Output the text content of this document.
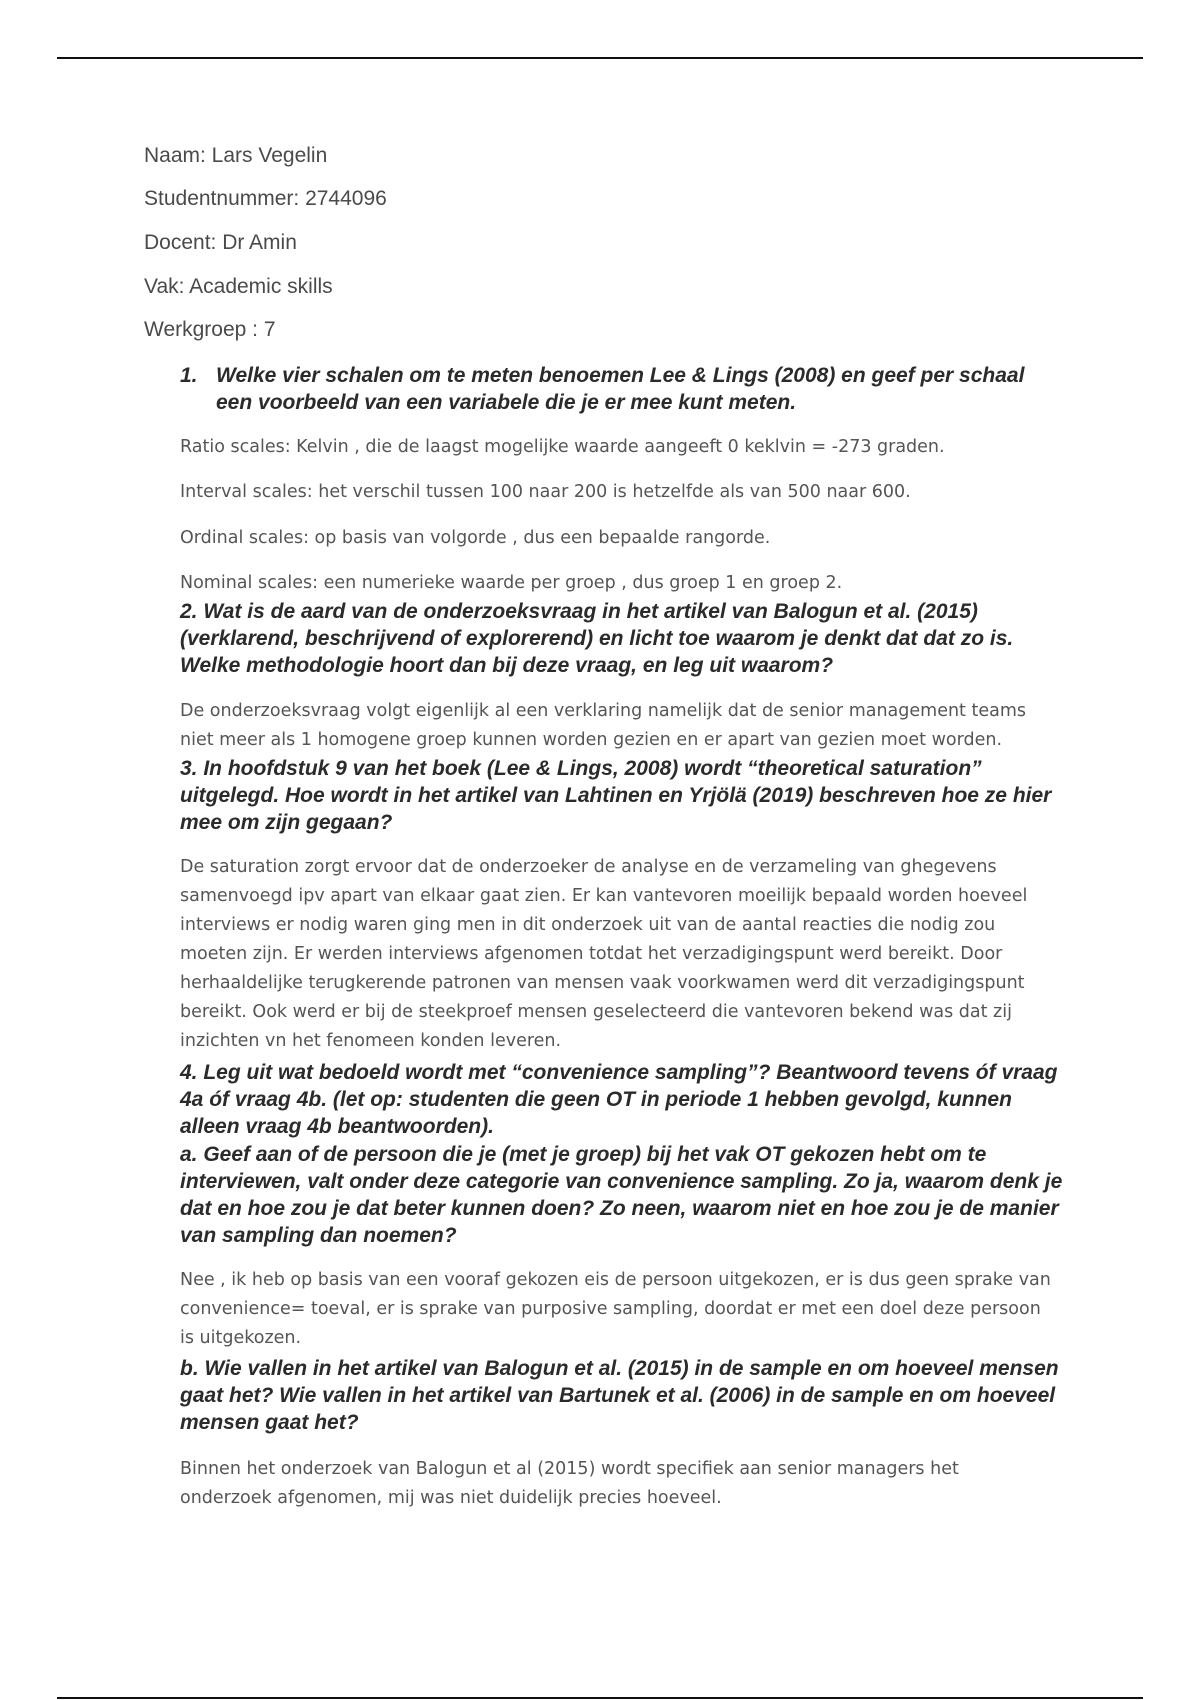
Naam: Lars Vegelin

Studentnummer: 2744096

Docent: Dr Amin

Vak: Academic skills

Werkgroep : 7

1. Welke vier schalen om te meten benoemen Lee & Lings (2008) en geef per schaal een voorbeeld van een variabele die je er mee kunt meten.

Ratio scales: Kelvin , die de laagst mogelijke waarde aangeeft 0 keklvin = -273 graden.

Interval scales: het verschil tussen 100 naar 200 is hetzelfde als van 500 naar 600.

Ordinal scales: op basis van volgorde , dus een bepaalde rangorde.

Nominal scales: een numerieke waarde per groep , dus groep 1 en groep 2.

2. Wat is de aard van de onderzoeksvraag in het artikel van Balogun et al. (2015) (verklarend, beschrijvend of explorerend) en licht toe waarom je denkt dat dat zo is. Welke methodologie hoort dan bij deze vraag, en leg uit waarom?

De onderzoeksvraag volgt eigenlijk al een verklaring namelijk dat de senior management teams niet meer als 1 homogene groep kunnen worden gezien en er apart van gezien moet worden.

3. In hoofdstuk 9 van het boek (Lee & Lings, 2008) wordt “theoretical saturation” uitgelegd. Hoe wordt in het artikel van Lahtinen en Yrjölä (2019) beschreven hoe ze hier mee om zijn gegaan?

De saturation zorgt ervoor dat de onderzoeker de analyse en de verzameling van ghegevens samenvoegd ipv apart van elkaar gaat zien. Er kan vantevoren moeilijk bepaald worden hoeveel interviews er nodig waren ging men in dit onderzoek uit van de aantal reacties die nodig zou moeten zijn. Er werden interviews afgenomen totdat het verzadigingspunt werd bereikt. Door herhaaldelijke terugkerende patronen van mensen vaak voorkwamen werd dit verzadigingspunt bereikt. Ook werd er bij de steekproef mensen geselecteerd die vantevoren bekend was dat zij inzichten vn het fenomeen konden leveren.

4. Leg uit wat bedoeld wordt met “convenience sampling”? Beantwoord tevens óf vraag 4a óf vraag 4b. (let op: studenten die geen OT in periode 1 hebben gevolgd, kunnen alleen vraag 4b beantwoorden).

a. Geef aan of de persoon die je (met je groep) bij het vak OT gekozen hebt om te interviewen, valt onder deze categorie van convenience sampling. Zo ja, waarom denk je dat en hoe zou je dat beter kunnen doen? Zo neen, waarom niet en hoe zou je de manier van sampling dan noemen?

Nee , ik heb op basis van een vooraf gekozen eis de persoon uitgekozen, er is dus geen sprake van convenience= toeval, er is sprake van purposive sampling, doordat er met een doel deze persoon is uitgekozen.

b. Wie vallen in het artikel van Balogun et al. (2015) in de sample en om hoeveel mensen gaat het? Wie vallen in het artikel van Bartunek et al. (2006) in de sample en om hoeveel mensen gaat het?

Binnen het onderzoek van Balogun et al (2015) wordt specifiek aan senior managers het onderzoek afgenomen, mij was niet duidelijk precies hoeveel.
